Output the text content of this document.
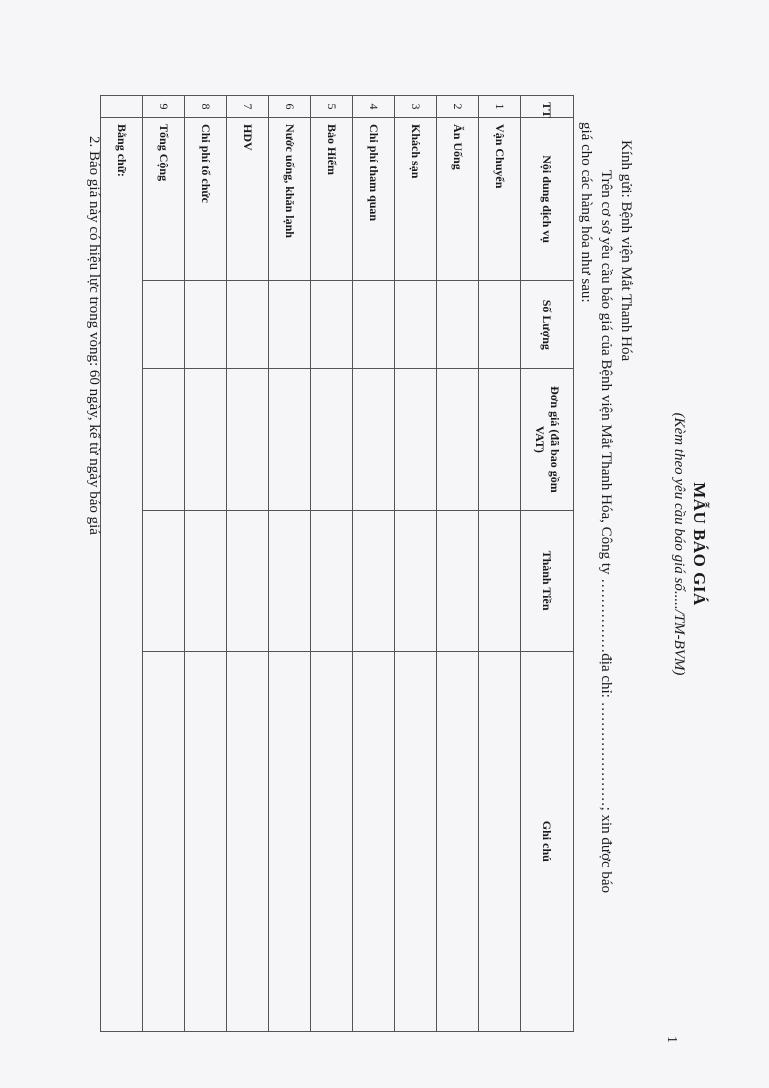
1
MẪU BÁO GIÁ
(Kèm theo yêu cầu báo giá số...../TM-BVM)
Kính gửi: Bệnh viện Mắt Thanh Hóa
Trên cơ sở yêu cầu báo giá của Bệnh viện Mắt Thanh Hóa, Công ty ……………địa chỉ: …………………; xin được báo
giá cho các hàng hóa như sau:
TT	Nội dung dịch vụ	Số Lượng	Đơn giá (đã bao gồm VAT)	Thành Tiền	Ghi chú
1	Vận Chuyển				
2	Ăn Uống				
3	Khách sạn				
4	Chi phí tham quan				
5	Bảo Hiểm				
6	Nước uống, khăn lạnh				
7	HDV				
8	Chi phí tổ chức				
9	Tổng Cộng				
	Bằng chữ:				
2. Báo giá này có hiệu lực trong vòng: 60 ngày, kể từ ngày báo giá
